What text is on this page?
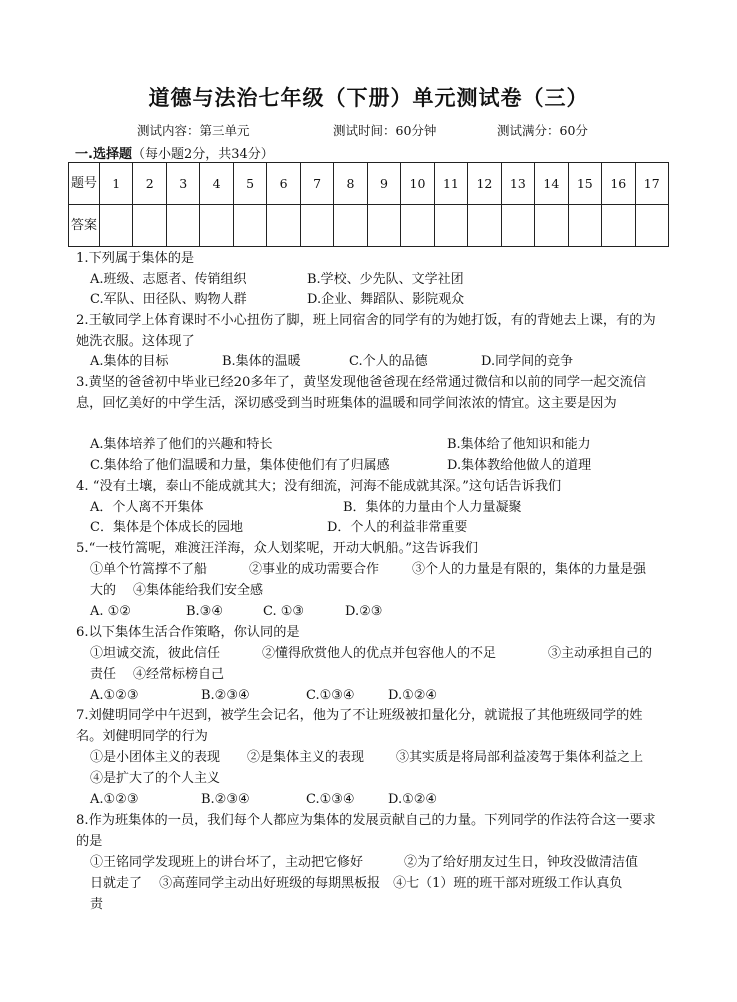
道德与法治七年级（下册）单元测试卷（三）
测试内容：第三单元	测试时间：60分钟	测试满分：60分
一.选择题（每小题2分，共34分）
题号	1	2	3	4	5	6	7	8	9	10	11	12	13	14	15	16	17
答案																	
1.下列属于集体的是
A.班级、志愿者、传销组织	B.学校、少先队、文学社团
C.军队、田径队、购物人群	D.企业、舞蹈队、影院观众
2.王敏同学上体育课时不小心扭伤了脚，班上同宿舍的同学有的为她打饭，有的背她去上课，有的为她洗衣服。这体现了
A.集体的目标	B.集体的温暖	C.个人的品德	D.同学间的竞争
3.黄坚的爸爸初中毕业已经20多年了，黄坚发现他爸爸现在经常通过微信和以前的同学一起交流信息，回忆美好的中学生活，深切感受到当时班集体的温暖和同学间浓浓的情宜。这主要是因为
A.集体培养了他们的兴趣和特长	B.集体给了他知识和能力
C.集体给了他们温暖和力量，集体使他们有了归属感	D.集体教给他做人的道理
4. “没有土壤，泰山不能成就其大；没有细流，河海不能成就其深。”这句话告诉我们
A．个人离不开集体	B．集体的力量由个人力量凝聚
C．集体是个体成长的园地	D．个人的利益非常重要
5.“一枝竹篙呢，难渡汪洋海，众人划桨呢，开动大帆船。”这告诉我们
①单个竹篙撑不了船	②事业的成功需要合作	③个人的力量是有限的，集体的力量是强
大的 ④集体能给我们安全感
A. ①②	B.③④	C. ①③	D.②③
6.以下集体生活合作策略，你认同的是
①坦诚交流，彼此信任	②懂得欣赏他人的优点并包容他人的不足	③主动承担自己的
责任 ④经常标榜自己
A.①②③	B.②③④	C.①③④	D.①②④
7.刘健明同学中午迟到，被学生会记名，他为了不让班级被扣量化分，就谎报了其他班级同学的姓名。刘健明同学的行为
①是小团体主义的表现 ②是集体主义的表现 ③其实质是将局部利益凌驾于集体利益之上
④是扩大了的个人主义
A.①②③	B.②③④	C.①③④	D.①②④
8.作为班集体的一员，我们每个人都应为集体的发展贡献自己的力量。下列同学的作法符合这一要求的是
①王铭同学发现班上的讲台坏了，主动把它修好	②为了给好朋友过生日，钟玫没做清洁值
日就走了　 ③高莲同学主动出好班级的每期黑板报　④七（1）班的班干部对班级工作认真负
责
